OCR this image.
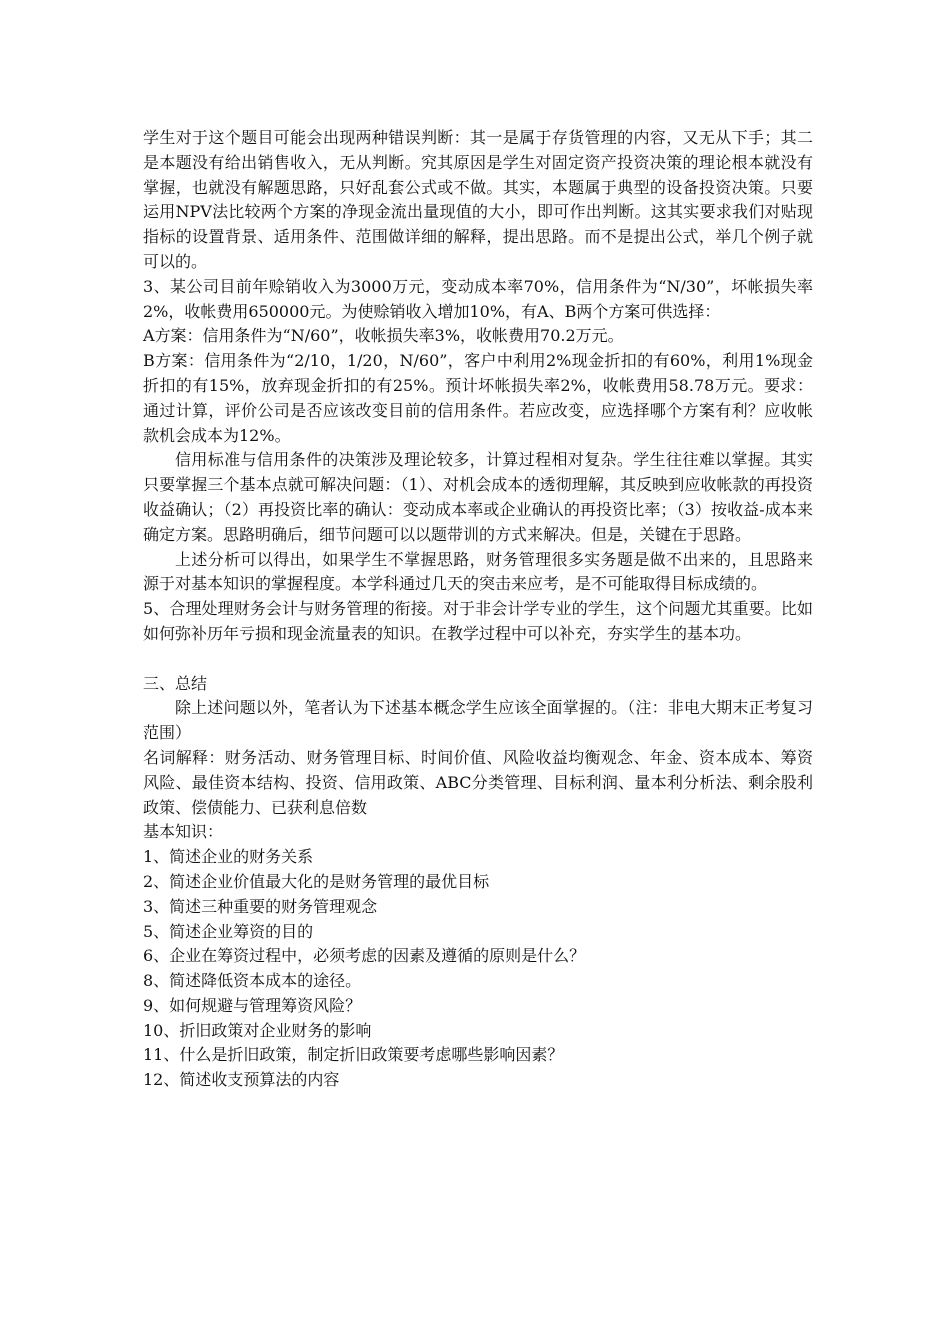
学生对于这个题目可能会出现两种错误判断：其一是属于存货管理的内容，又无从下手；其二是本题没有给出销售收入，无从判断。究其原因是学生对固定资产投资决策的理论根本就没有掌握，也就没有解题思路，只好乱套公式或不做。其实，本题属于典型的设备投资决策。只要运用NPV法比较两个方案的净现金流出量现值的大小，即可作出判断。这其实要求我们对贴现指标的设置背景、适用条件、范围做详细的解释，提出思路。而不是提出公式，举几个例子就可以的。

3、某公司目前年赊销收入为3000万元，变动成本率70%，信用条件为“N/30”，坏帐损失率2%，收帐费用650000元。为使赊销收入增加10%，有A、B两个方案可供选择：

A方案：信用条件为“N/60”，收帐损失率3%，收帐费用70.2万元。

B方案：信用条件为“2/10，1/20，N/60”，客户中利用2%现金折扣的有60%，利用1%现金折扣的有15%，放弃现金折扣的有25%。预计坏帐损失率2%，收帐费用58.78万元。要求：通过计算，评价公司是否应该改变目前的信用条件。若应改变，应选择哪个方案有利？应收帐款机会成本为12%。

信用标准与信用条件的决策涉及理论较多，计算过程相对复杂。学生往往难以掌握。其实只要掌握三个基本点就可解决问题：（1）、对机会成本的透彻理解，其反映到应收帐款的再投资收益确认；（2）再投资比率的确认：变动成本率或企业确认的再投资比率；（3）按收益-成本来确定方案。思路明确后，细节问题可以以题带训的方式来解决。但是，关键在于思路。

上述分析可以得出，如果学生不掌握思路，财务管理很多实务题是做不出来的，且思路来源于对基本知识的掌握程度。本学科通过几天的突击来应考，是不可能取得目标成绩的。

5、合理处理财务会计与财务管理的衔接。对于非会计学专业的学生，这个问题尤其重要。比如如何弥补历年亏损和现金流量表的知识。在教学过程中可以补充，夯实学生的基本功。

三、总结

除上述问题以外，笔者认为下述基本概念学生应该全面掌握的。（注：非电大期末正考复习范围）

名词解释：财务活动、财务管理目标、时间价值、风险收益均衡观念、年金、资本成本、筹资风险、最佳资本结构、投资、信用政策、ABC分类管理、目标利润、量本利分析法、剩余股利政策、偿债能力、已获利息倍数

基本知识：

1、简述企业的财务关系

2、简述企业价值最大化的是财务管理的最优目标

3、简述三种重要的财务管理观念

5、简述企业筹资的目的

6、企业在筹资过程中，必须考虑的因素及遵循的原则是什么？

8、简述降低资本成本的途径。

9、如何规避与管理筹资风险？

10、折旧政策对企业财务的影响

11、什么是折旧政策，制定折旧政策要考虑哪些影响因素？

12、简述收支预算法的内容
